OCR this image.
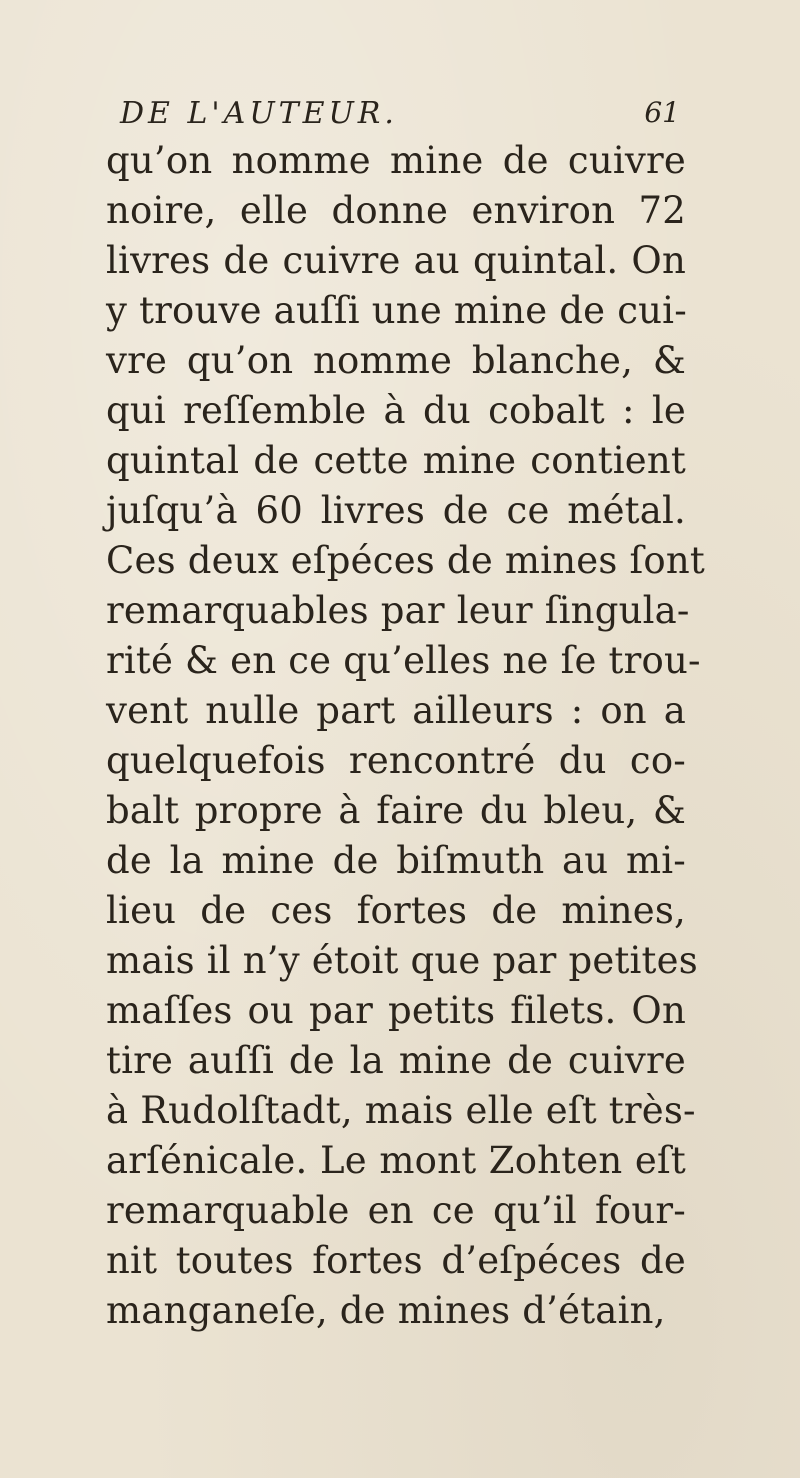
DE L'AUTEUR.	61
qu’on nomme mine de cuivre
noire, elle donne environ 72
livres de cuivre au quintal. On
y trouve auſſi une mine de cui-
vre qu’on nomme blanche, &
qui reſſemble à du cobalt : le
quintal de cette mine contient
juſqu’à 60 livres de ce métal.
Ces deux eſpéces de mines ſont
remarquables par leur ſingula-
rité & en ce qu’elles ne ſe trou-
vent nulle part ailleurs : on a
quelquefois rencontré du co-
balt propre à faire du bleu, &
de la mine de biſmuth au mi-
lieu de ces fortes de mines,
mais il n’y étoit que par petites
maſſes ou par petits filets. On
tire auſſi de la mine de cuivre
à Rudolſtadt, mais elle eſt très-
arſénicale. Le mont Zohten eſt
remarquable en ce qu’il four-
nit toutes fortes d’eſpéces de
manganeſe, de mines d’étain,
